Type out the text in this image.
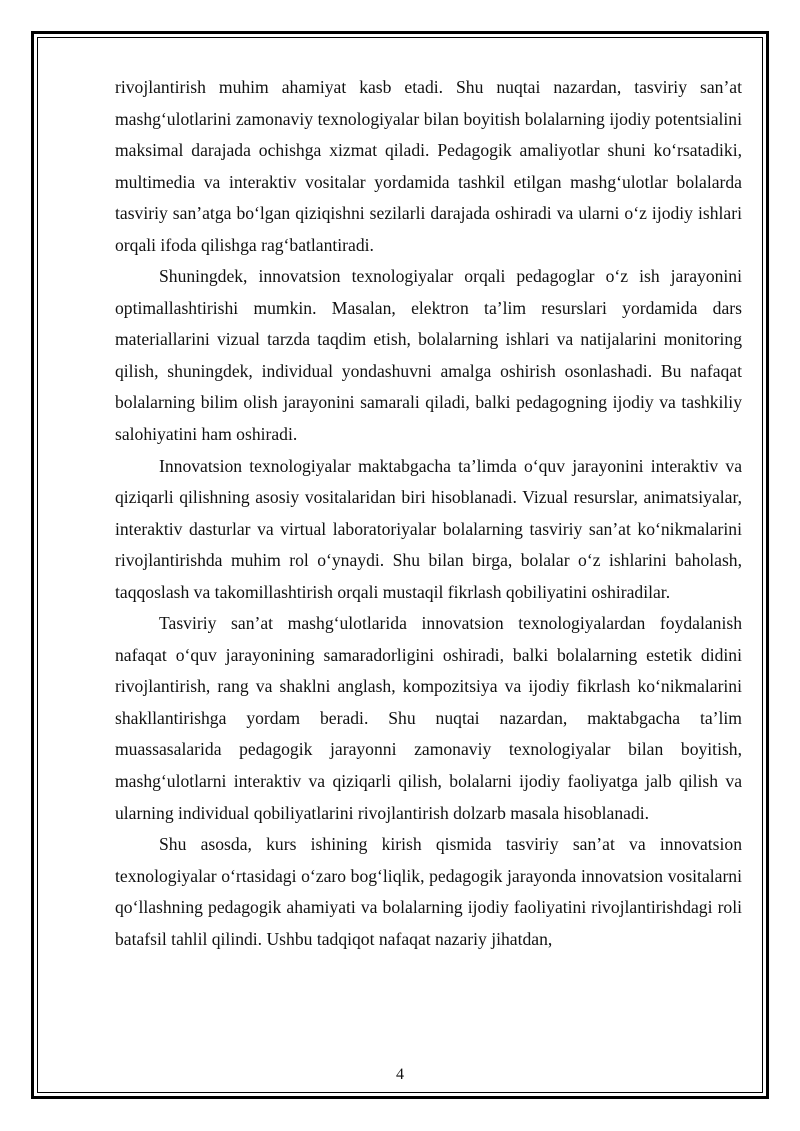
rivojlantirish muhim ahamiyat kasb etadi. Shu nuqtai nazardan, tasviriy san’at mashg‘ulotlarini zamonaviy texnologiyalar bilan boyitish bolalarning ijodiy potentsialini maksimal darajada ochishga xizmat qiladi. Pedagogik amaliyotlar shuni ko‘rsatadiki, multimedia va interaktiv vositalar yordamida tashkil etilgan mashg‘ulotlar bolalarda tasviriy san’atga bo‘lgan qiziqishni sezilarli darajada oshiradi va ularni o‘z ijodiy ishlari orqali ifoda qilishga rag‘batlantiradi.

Shuningdek, innovatsion texnologiyalar orqali pedagoglar o‘z ish jarayonini optimallashtirishi mumkin. Masalan, elektron ta’lim resurslari yordamida dars materiallarini vizual tarzda taqdim etish, bolalarning ishlari va natijalarini monitoring qilish, shuningdek, individual yondashuvni amalga oshirish osonlashadi. Bu nafaqat bolalarning bilim olish jarayonini samarali qiladi, balki pedagogning ijodiy va tashkiliy salohiyatini ham oshiradi.

Innovatsion texnologiyalar maktabgacha ta’limda o‘quv jarayonini interaktiv va qiziqarli qilishning asosiy vositalaridan biri hisoblanadi. Vizual resurslar, animatsiyalar, interaktiv dasturlar va virtual laboratoriyalar bolalarning tasviriy san’at ko‘nikmalarini rivojlantirishda muhim rol o‘ynaydi. Shu bilan birga, bolalar o‘z ishlarini baholash, taqqoslash va takomillashtirish orqali mustaqil fikrlash qobiliyatini oshiradilar.

Tasviriy san’at mashg‘ulotlarida innovatsion texnologiyalardan foydalanish nafaqat o‘quv jarayonining samaradorligini oshiradi, balki bolalarning estetik didini rivojlantirish, rang va shaklni anglash, kompozitsiya va ijodiy fikrlash ko‘nikmalarini shakllantirishga yordam beradi. Shu nuqtai nazardan, maktabgacha ta’lim muassasalarida pedagogik jarayonni zamonaviy texnologiyalar bilan boyitish, mashg‘ulotlarni interaktiv va qiziqarli qilish, bolalarni ijodiy faoliyatga jalb qilish va ularning individual qobiliyatlarini rivojlantirish dolzarb masala hisoblanadi.

Shu asosda, kurs ishining kirish qismida tasviriy san’at va innovatsion texnologiyalar o‘rtasidagi o‘zaro bog‘liqlik, pedagogik jarayonda innovatsion vositalarni qo‘llashning pedagogik ahamiyati va bolalarning ijodiy faoliyatini rivojlantirishdagi roli batafsil tahlil qilindi. Ushbu tadqiqot nafaqat nazariy jihatdan,

4
